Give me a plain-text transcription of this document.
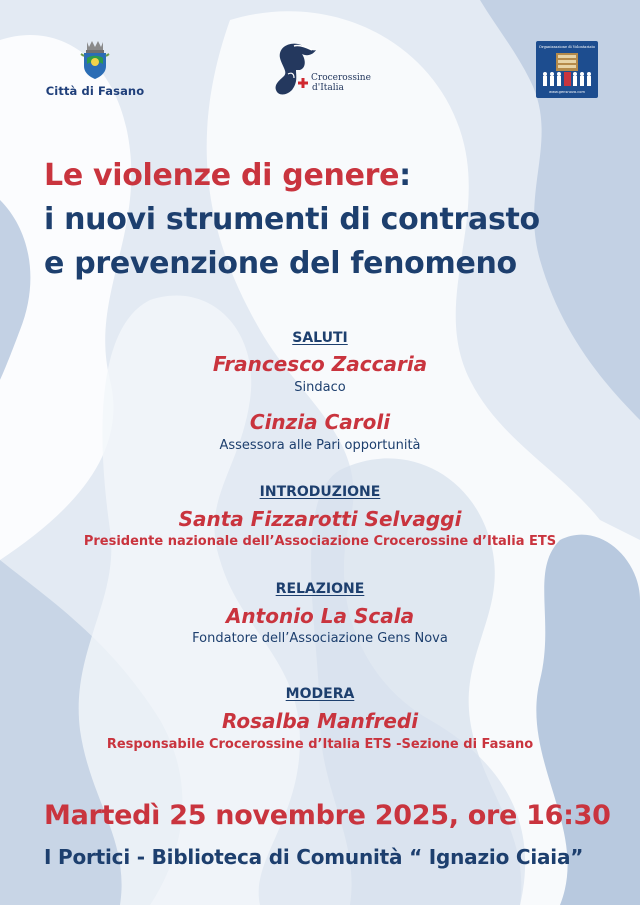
Città di Fasano
Crocerossine
d'Italia
Organizzazione di Volontariato
www.gensnova.com
Le violenze di genere:
i nuovi strumenti di contrasto
e prevenzione del fenomeno
SALUTI
Francesco Zaccaria
Sindaco
Cinzia Caroli
Assessora alle Pari opportunità
INTRODUZIONE
Santa Fizzarotti Selvaggi
Presidente nazionale dell’Associazione Crocerossine d’Italia ETS
RELAZIONE
Antonio La Scala
Fondatore dell’Associazione Gens Nova
MODERA
Rosalba Manfredi
Responsabile Crocerossine d’Italia ETS -Sezione di Fasano
Martedì 25 novembre 2025, ore 16:30
I Portici - Biblioteca di Comunità “ Ignazio Ciaia”
